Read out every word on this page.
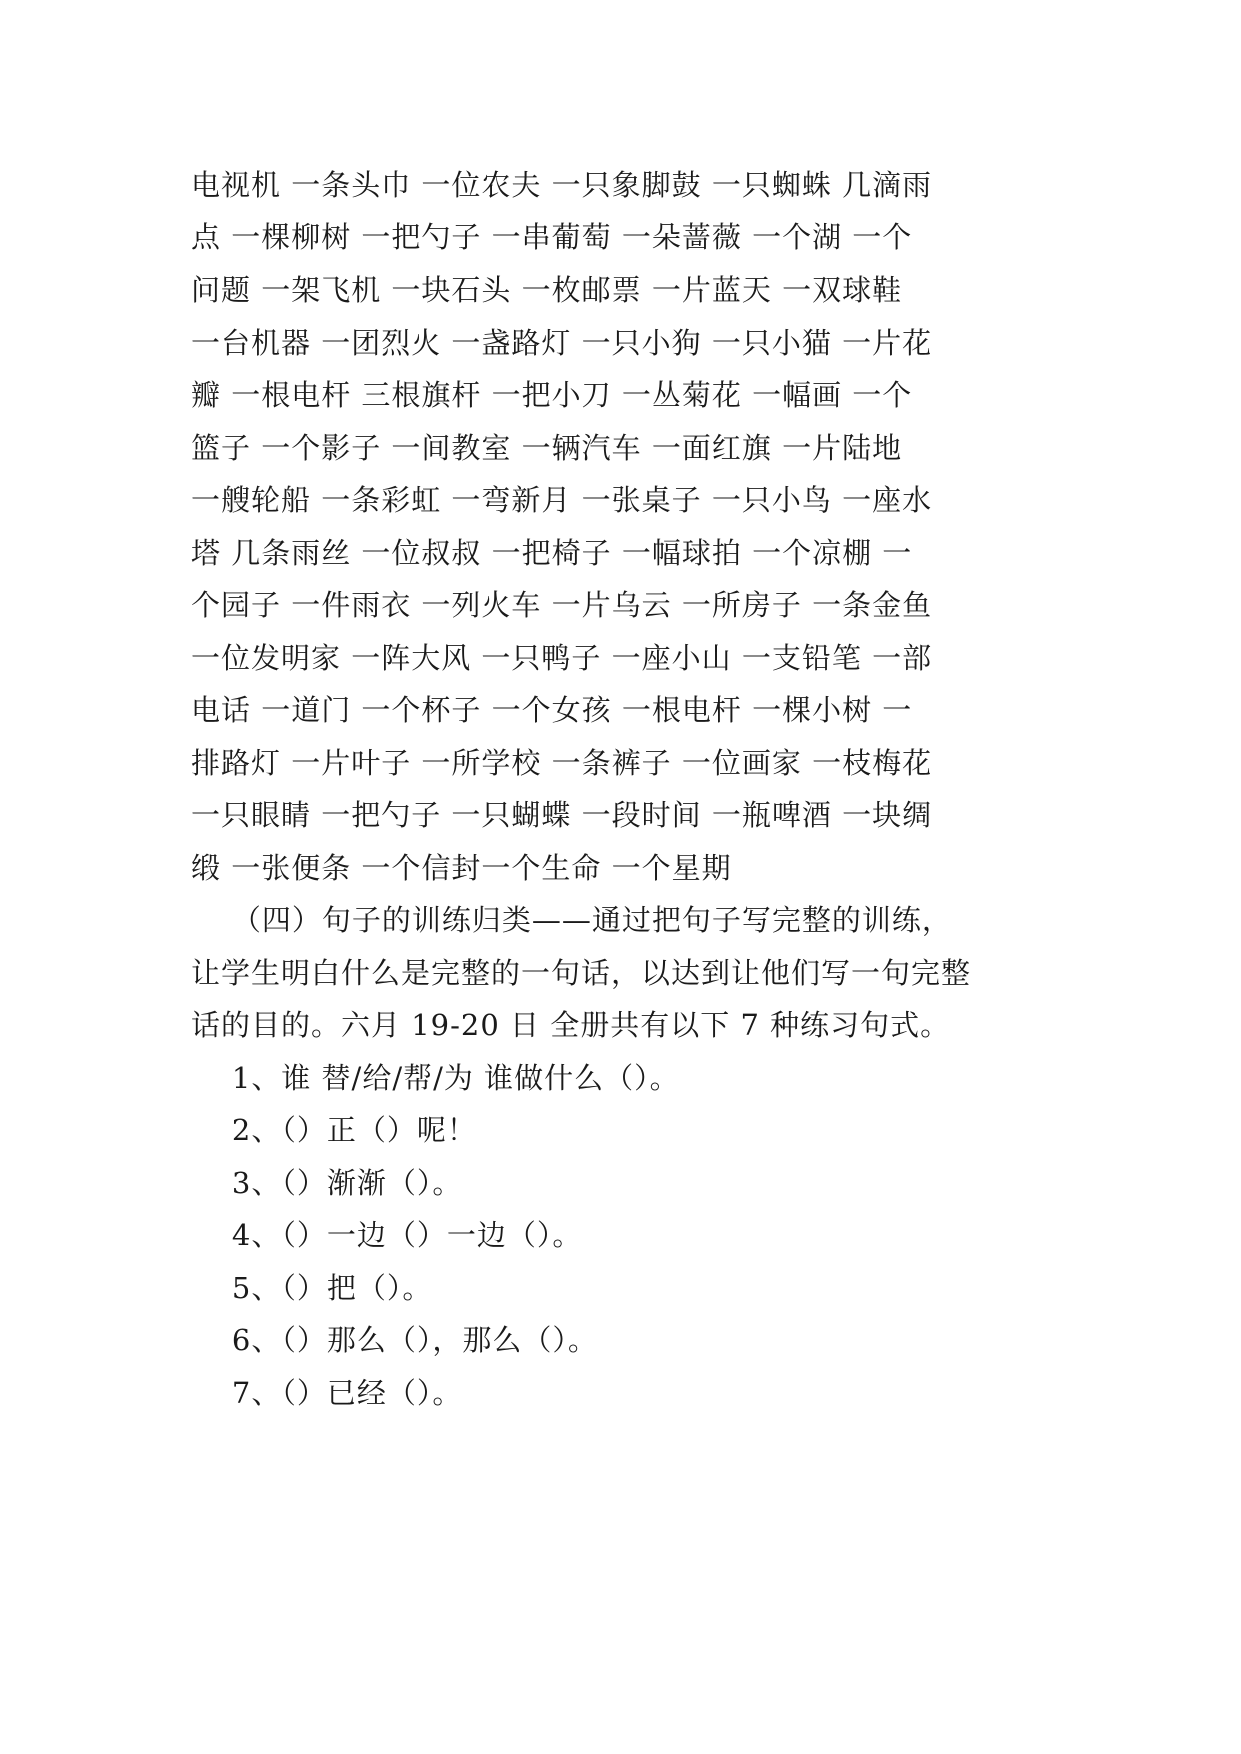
电视机 一条头巾 一位农夫 一只象脚鼓 一只蜘蛛 几滴雨
点 一棵柳树 一把勺子 一串葡萄 一朵蔷薇 一个湖 一个
问题 一架飞机 一块石头 一枚邮票 一片蓝天 一双球鞋
一台机器 一团烈火 一盏路灯 一只小狗 一只小猫 一片花
瓣 一根电杆 三根旗杆 一把小刀 一丛菊花 一幅画 一个
篮子 一个影子 一间教室 一辆汽车 一面红旗 一片陆地
一艘轮船 一条彩虹 一弯新月 一张桌子 一只小鸟 一座水
塔 几条雨丝 一位叔叔 一把椅子 一幅球拍 一个凉棚 一
个园子 一件雨衣 一列火车 一片乌云 一所房子 一条金鱼
一位发明家 一阵大风 一只鸭子 一座小山 一支铅笔 一部
电话 一道门 一个杯子 一个女孩 一根电杆 一棵小树 一
排路灯 一片叶子 一所学校 一条裤子 一位画家 一枝梅花
一只眼睛 一把勺子 一只蝴蝶 一段时间 一瓶啤酒 一块绸
缎 一张便条 一个信封一个生命 一个星期
（四）句子的训练归类——通过把句子写完整的训练，
让学生明白什么是完整的一句话，以达到让他们写一句完整
话的目的。六月 19-20 日 全册共有以下 7 种练习句式。
1、谁 替/给/帮/为 谁做什么（）。
2、（）正（）呢！
3、（）渐渐（）。
4、（）一边（）一边（）。
5、（）把（）。
6、（）那么（），那么（）。
7、（）已经（）。
